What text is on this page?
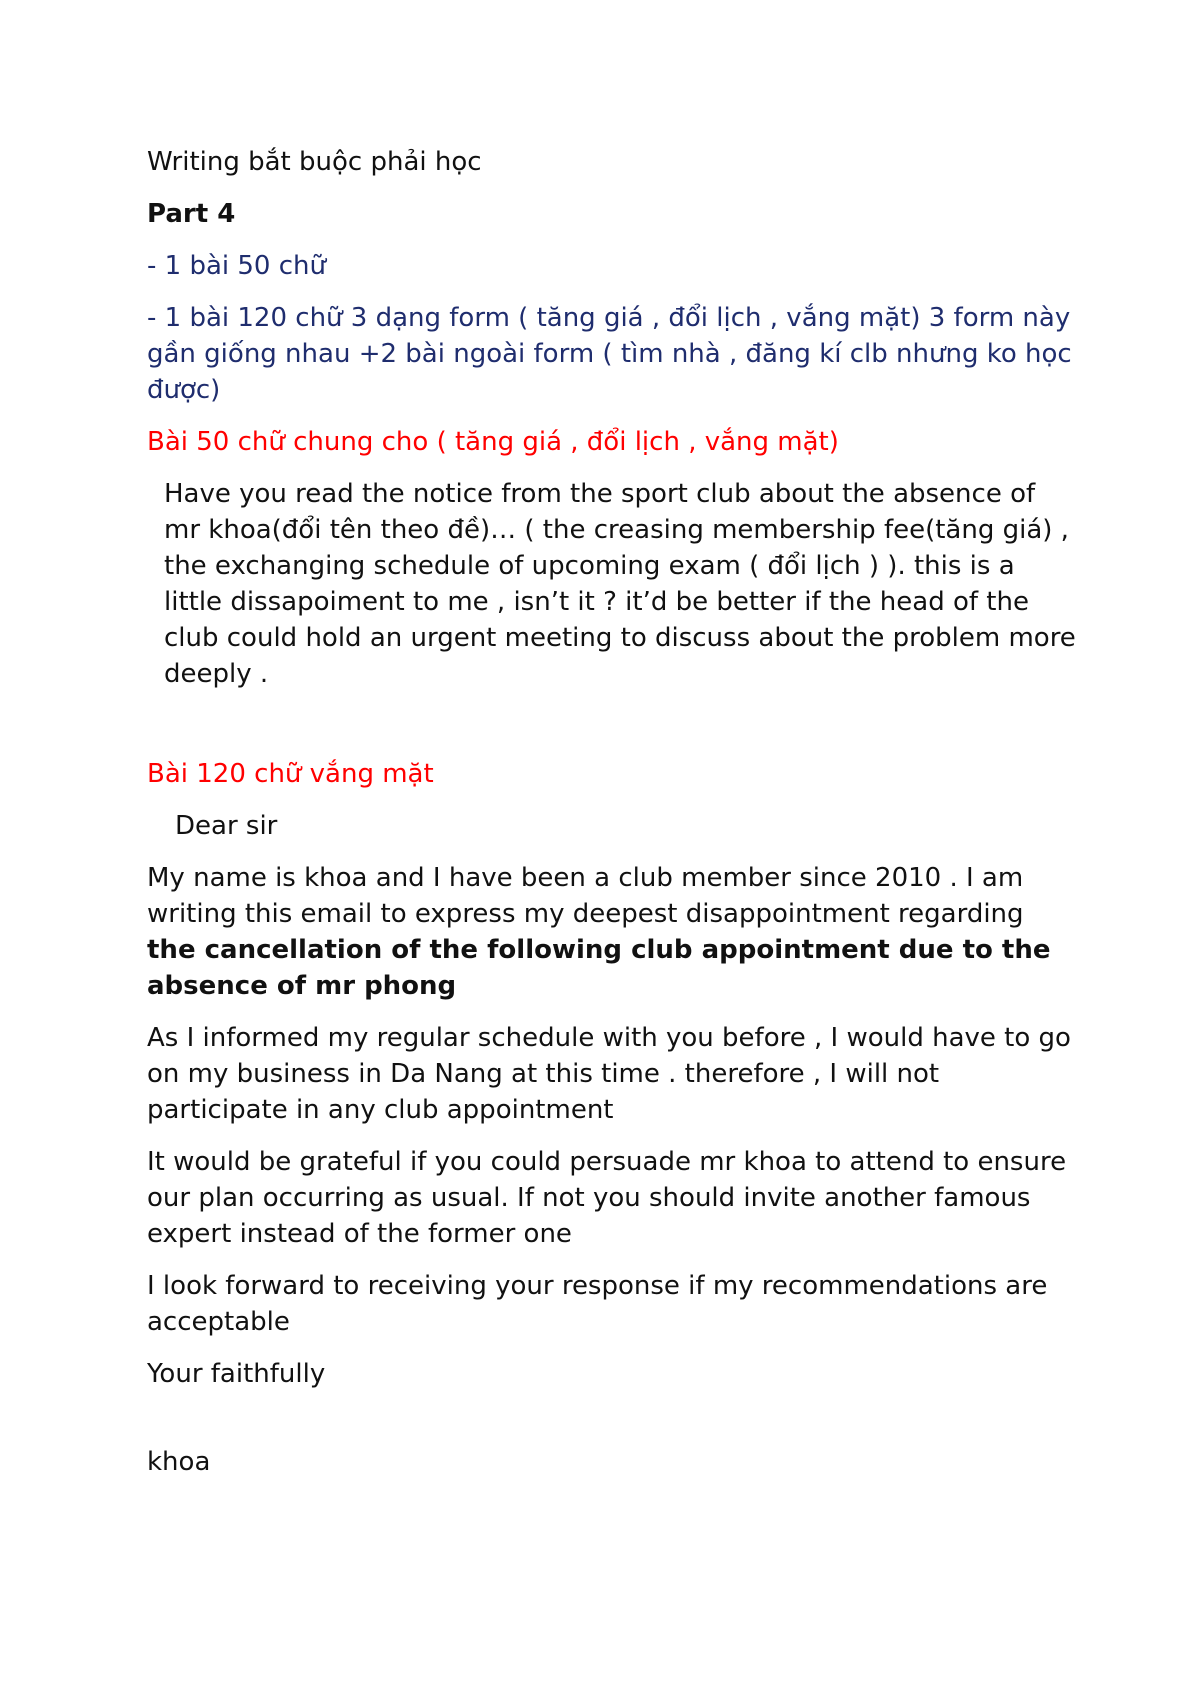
Writing bắt buộc phải học

Part 4

- 1 bài 50 chữ

- 1 bài 120 chữ 3 dạng form ( tăng giá , đổi lịch , vắng mặt) 3 form này gần giống nhau +2 bài ngoài form ( tìm nhà , đăng kí clb nhưng ko học được)

Bài 50 chữ chung cho ( tăng giá , đổi lịch , vắng mặt)

Have you read the notice from the sport club about the absence of mr khoa(đổi tên theo đề)… ( the creasing membership fee(tăng giá) , the exchanging schedule of upcoming exam ( đổi lịch ) ). this is a little dissapoiment to me , isn’t it ? it’d be better if the head of the club could hold an urgent meeting to discuss about the problem more deeply .

Bài 120 chữ vắng mặt

Dear sir

My name is khoa and I have been a club member since 2010 . I am writing this email to express my deepest disappointment regarding the cancellation of the following club appointment due to the absence of mr phong

As I informed my regular schedule with you before , I would have to go on my business in Da Nang at this time . therefore , I will not participate in any club appointment

It would be grateful if you could persuade mr khoa to attend to ensure our plan occurring as usual. If not you should invite another famous expert instead of the former one

I look forward to receiving your response if my recommendations are acceptable

Your faithfully

khoa
